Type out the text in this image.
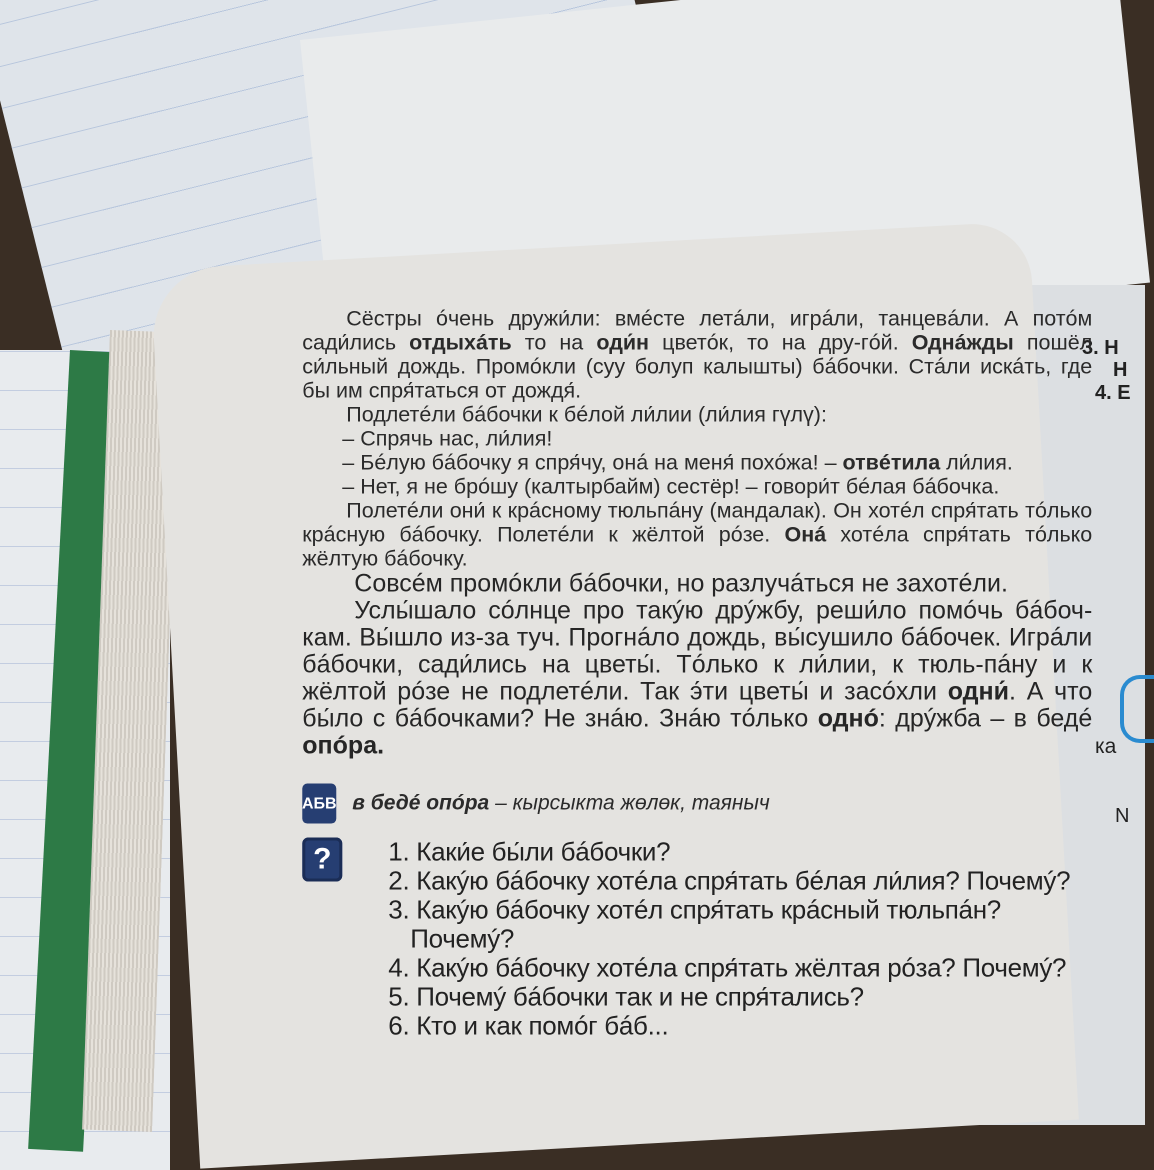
3. Н
Н
4. Е
ка
N

Сёстры óчень дружи́ли: вмéсте летáли, игрáли, танцевáли. А потóм сади́лись отдыхáть то на оди́н цветóк, то на дру-гóй. Однáжды пошёл си́льный дождь. Промóкли (суу болуп калышты) бáбочки. Стáли искáть, где бы им спря́таться от дождя́.

Подлетéли бáбочки к бéлой ли́лии (ли́лия гүлү):

– Спрячь нас, ли́лия!

– Бéлую бáбочку я спря́чу, онá на меня́ похóжа! – отвéтила ли́лия.

– Нет, я не брóшу (калтырбайм) сестёр! – говори́т бéлая бáбочка.

Полетéли они́ к крáсному тюльпáну (мандалак). Он хотéл спря́тать тóлько крáсную бáбочку. Полетéли к жёлтой рóзе. Онá хотéла спря́тать тóлько жёлтую бáбочку.

Совсéм промóкли бáбочки, но разлучáться не захотéли.

Услы́шало сóлнце про такýю дрýжбу, реши́ло помóчь бáбоч-кам. Вы́шло из-за туч. Прогнáло дождь, вы́сушило бáбочек. Игрáли бáбочки, сади́лись на цветы́. Тóлько к ли́лии, к тюль-пáну и к жёлтой рóзе не подлетéли. Так э́ти цветы́ и засóхли одни́. А что бы́ло с бáбочками? Не знáю. Знáю тóлько однó: дрýжба – в бедé опóра.

АБВ в бедé опóра – кырсыкта жөлөк, таяныч
?	1. Каки́е бы́ли бáбочки?
2. Какýю бáбочку хотéла спря́тать бéлая ли́лия? Почемý?
3. Какýю бáбочку хотéл спря́тать крáсный тюльпáн?
Почемý?
4. Какýю бáбочку хотéла спря́тать жёлтая рóза? Почемý?
5. Почемý бáбочки так и не спря́тались?
6. Кто и как помóг бáб...
